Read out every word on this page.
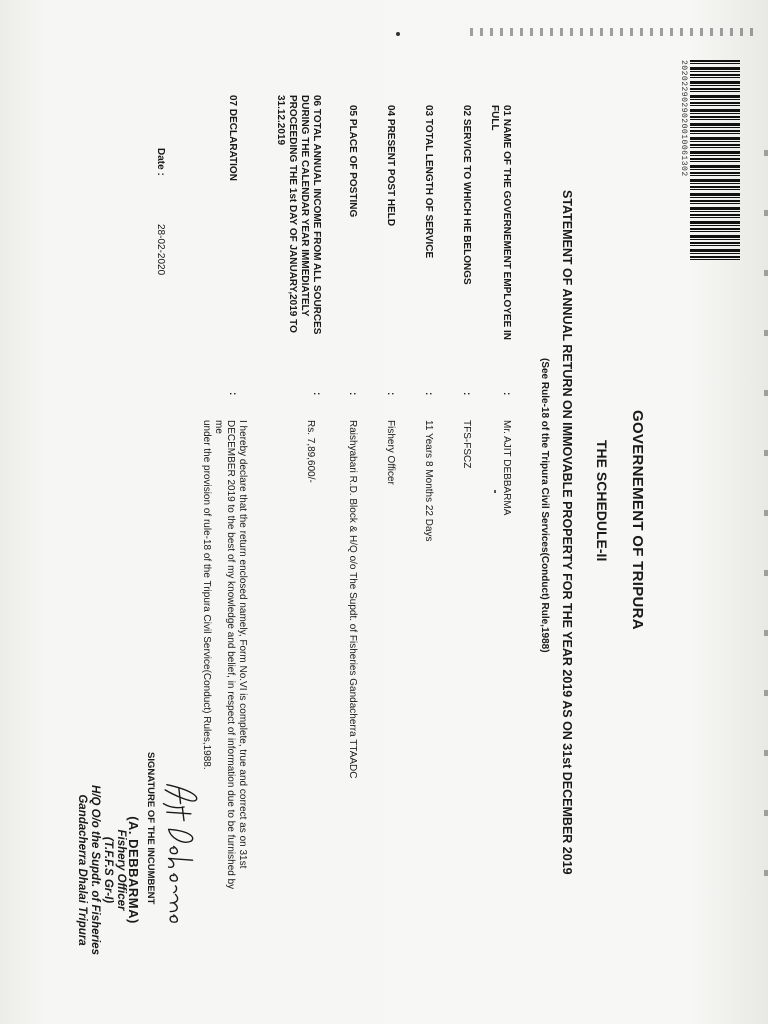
2020229029020010061302
GOVERNEMENT OF TRIPURA
THE SCHEDULE-II
STATEMENT OF ANNUAL RETURN ON IMMOVABLE PROPERTY FOR THE YEAR 2019 AS ON 31st DECEMBER 2019
(See Rule-18 of the Tripura Civil Services(Conduct) Rule,1988)
01 NAME OF THE GOVERNEMENT EMPLOYEE IN
FULL
:
Mr. AJIT DEBBARMA
02 SERVICE TO WHICH HE BELONGS
:
TFS-FSCZ
03 TOTAL LENGTH OF SERVICE
:
11 Years 8 Months 22 Days
04 PRESENT POST HELD
:
Fishery Officer
05 PLACE OF POSTING
:
Raishyabari R.D. Block & H/Q o/o The Supdt. of Fisheries Gandacherra TTAADC
06 TOTAL ANNUAL INCOME FROM ALL SOURCES
DURING THE CALENDAR YEAR IMMEDIATELY
PROCEEDING THE 1st DAY OF JANUARY,2019 TO
31.12.2019
:
Rs. 7,89,600/-
07 DECLARATION
:
I hereby declare that the return enclosed namely, Form No.VI is complete, true and correct as on 31st
DECEMBER 2019 to the best of my knowledge and belief, in respect of information due to be furnished by me
under the provision of rule-18 of the Tripura Civil Service(Conduct) Rules,1988.
SIGNATURE OF THE INCUMBENT
(A. DEBBARMA)
Fishery Officer
(T.F.F.S Gr-I)
H/Q O/o the Supdt. of Fisheries
Gandacherra Dhalai Tripura
Date :
28-02-2020
